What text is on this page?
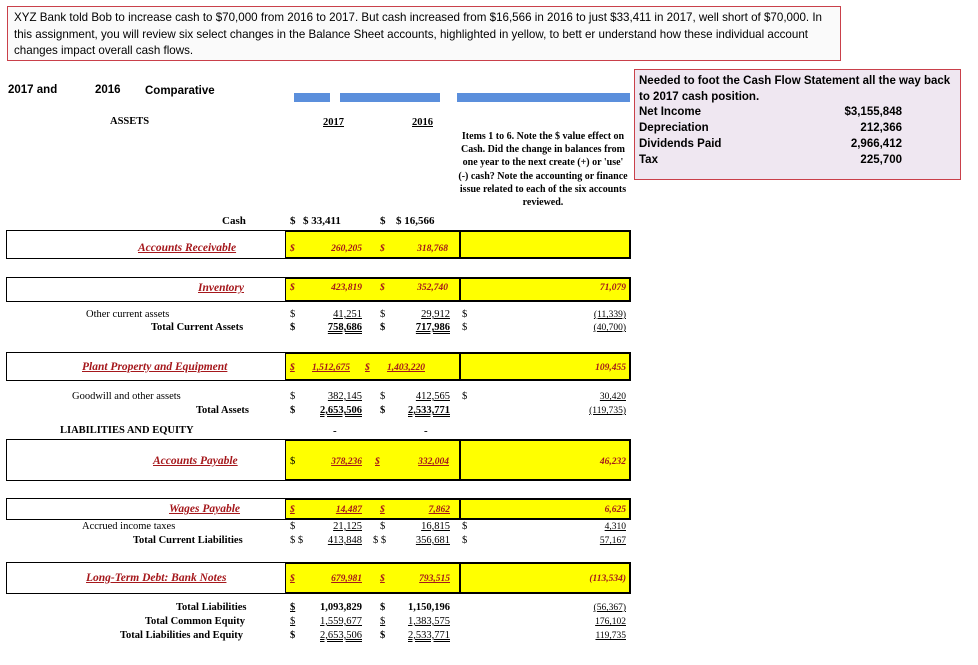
XYZ Bank told Bob to increase cash to $70,000 from 2016 to 2017. But cash increased from $16,566 in 2016 to just $33,411 in 2017, well short of $70,000. In this assignment, you will review six select changes in the Balance Sheet accounts, highlighted in yellow, to bett er understand how these individual account changes impact overall cash flows.
Needed to foot the Cash Flow Statement all the way back to 2017 cash position.
Net Income	$3,155,848
Depreciation	212,366
Dividends Paid	2,966,412
Tax	225,700
2017 and	2016 Comparative
ASSETS	2017	2016
Items 1 to 6. Note the $ value effect on Cash. Did the change in balances from one year to the next create (+) or 'use' (-) cash? Note the accounting or finance issue related to each of the six accounts reviewed.
Cash	$ $ 33,411	$ $ 16,566
Accounts Receivable	$	260,205 $	318,768
Inventory	$	423,819 $	352,740	71,079
Other current assets	$	41,251 $	29,912 $	(11,339)
Total Current Assets	$	758,686 $	717,986 $	(40,700)
Plant Property and Equipment	$	1,512,675 $	1,403,220	109,455
Goodwill and other assets	$	382,145 $	412,565 $	30,420
Total Assets	$	2,653,506 $	2,533,771	(119,735)
LIABILITIES AND EQUITY	-	-
Accounts Payable	$	378,236 $	332,004	46,232
Wages Payable	$	14,487 $	7,862	6,625
Accrued income taxes	$	21,125 $	16,815 $	4,310
Total Current Liabilities	$ $	413,848 $ $	356,681 $	57,167
Long-Term Debt: Bank Notes	$	679,981 $	793,515	(113,534)
Total Liabilities	$	1,093,829 $	1,150,196	(56,367)
Total Common Equity	$	1,559,677 $	1,383,575	176,102
Total Liabilities and Equity	$	2,653,506 $	2,533,771	119,735
